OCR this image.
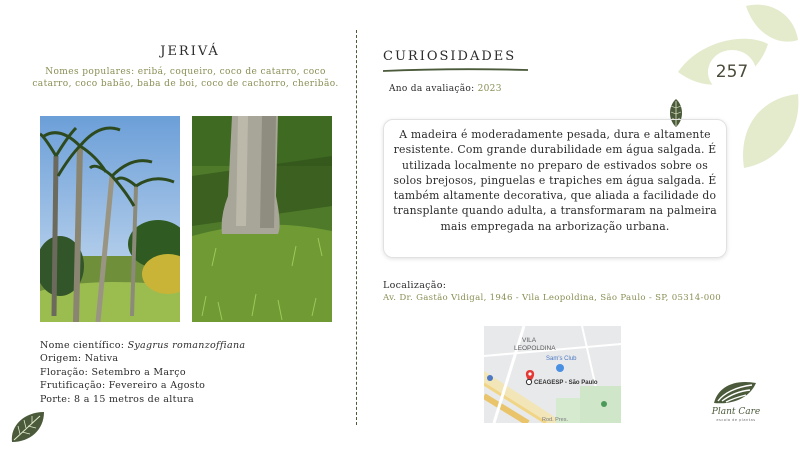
257
JERIVÁ
Nomes populares: eribá, coqueiro, coco de catarro, coco catarro, coco babão, baba de boi, coco de cachorro, cheribão.
Nome científico: Syagrus romanzoffiana
Origem: Nativa
Floração: Setembro a Março
Frutificação: Fevereiro a Agosto
Porte: 8 a 15 metros de altura
CURIOSIDADES
Ano da avaliação: 2023

A madeira é moderadamente pesada, dura e altamente resistente. Com grande durabilidade em água salgada. É utilizada localmente no preparo de estivados sobre os solos brejosos, pinguelas e trapiches em água salgada. É também altamente decorativa, que aliada a facilidade do transplante quando adulta, a transformaram na palmeira mais empregada na arborização urbana.

Localização:
Av. Dr. Gastão Vidigal, 1946 - Vila Leopoldina, São Paulo - SP, 05314-000
VILA
LEOPOLDINA
Sam's Club
CEAGESP - São Paulo
Rod. Pres.
Plant Care
escola de plantas
